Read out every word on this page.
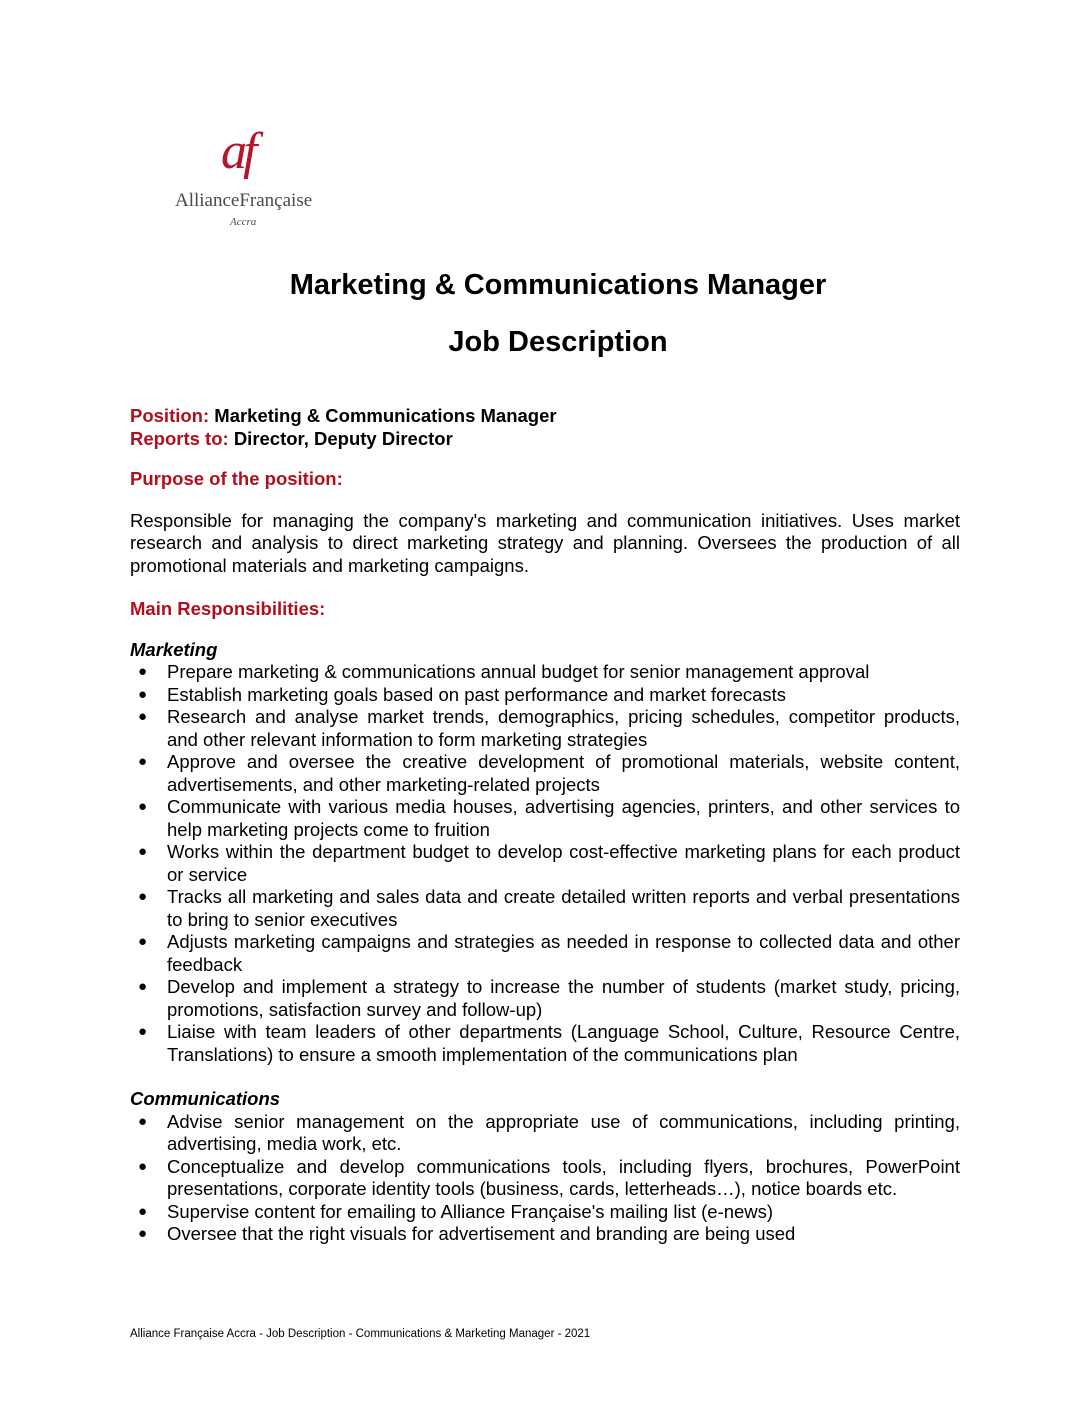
af
AllianceFrançaise
Accra
Marketing & Communications Manager
Job Description
Position: Marketing & Communications Manager
Reports to: Director, Deputy Director
Purpose of the position:
Responsible for managing the company's marketing and communication initiatives. Uses market research and analysis to direct marketing strategy and planning. Oversees the production of all promotional materials and marketing campaigns.
Main Responsibilities:
Marketing
● Prepare marketing & communications annual budget for senior management approval
● Establish marketing goals based on past performance and market forecasts
● Research and analyse market trends, demographics, pricing schedules, competitor products, and other relevant information to form marketing strategies
● Approve and oversee the creative development of promotional materials, website content, advertisements, and other marketing-related projects
● Communicate with various media houses, advertising agencies, printers, and other services to help marketing projects come to fruition
● Works within the department budget to develop cost-effective marketing plans for each product or service
● Tracks all marketing and sales data and create detailed written reports and verbal presentations to bring to senior executives
● Adjusts marketing campaigns and strategies as needed in response to collected data and other feedback
● Develop and implement a strategy to increase the number of students (market study, pricing, promotions, satisfaction survey and follow-up)
● Liaise with team leaders of other departments (Language School, Culture, Resource Centre, Translations) to ensure a smooth implementation of the communications plan
Communications
● Advise senior management on the appropriate use of communications, including printing, advertising, media work, etc.
● Conceptualize and develop communications tools, including flyers, brochures, PowerPoint presentations, corporate identity tools (business, cards, letterheads…), notice boards etc.
● Supervise content for emailing to Alliance Française's mailing list (e-news)
● Oversee that the right visuals for advertisement and branding are being used
Alliance Française Accra - Job Description - Communications & Marketing Manager - 2021
